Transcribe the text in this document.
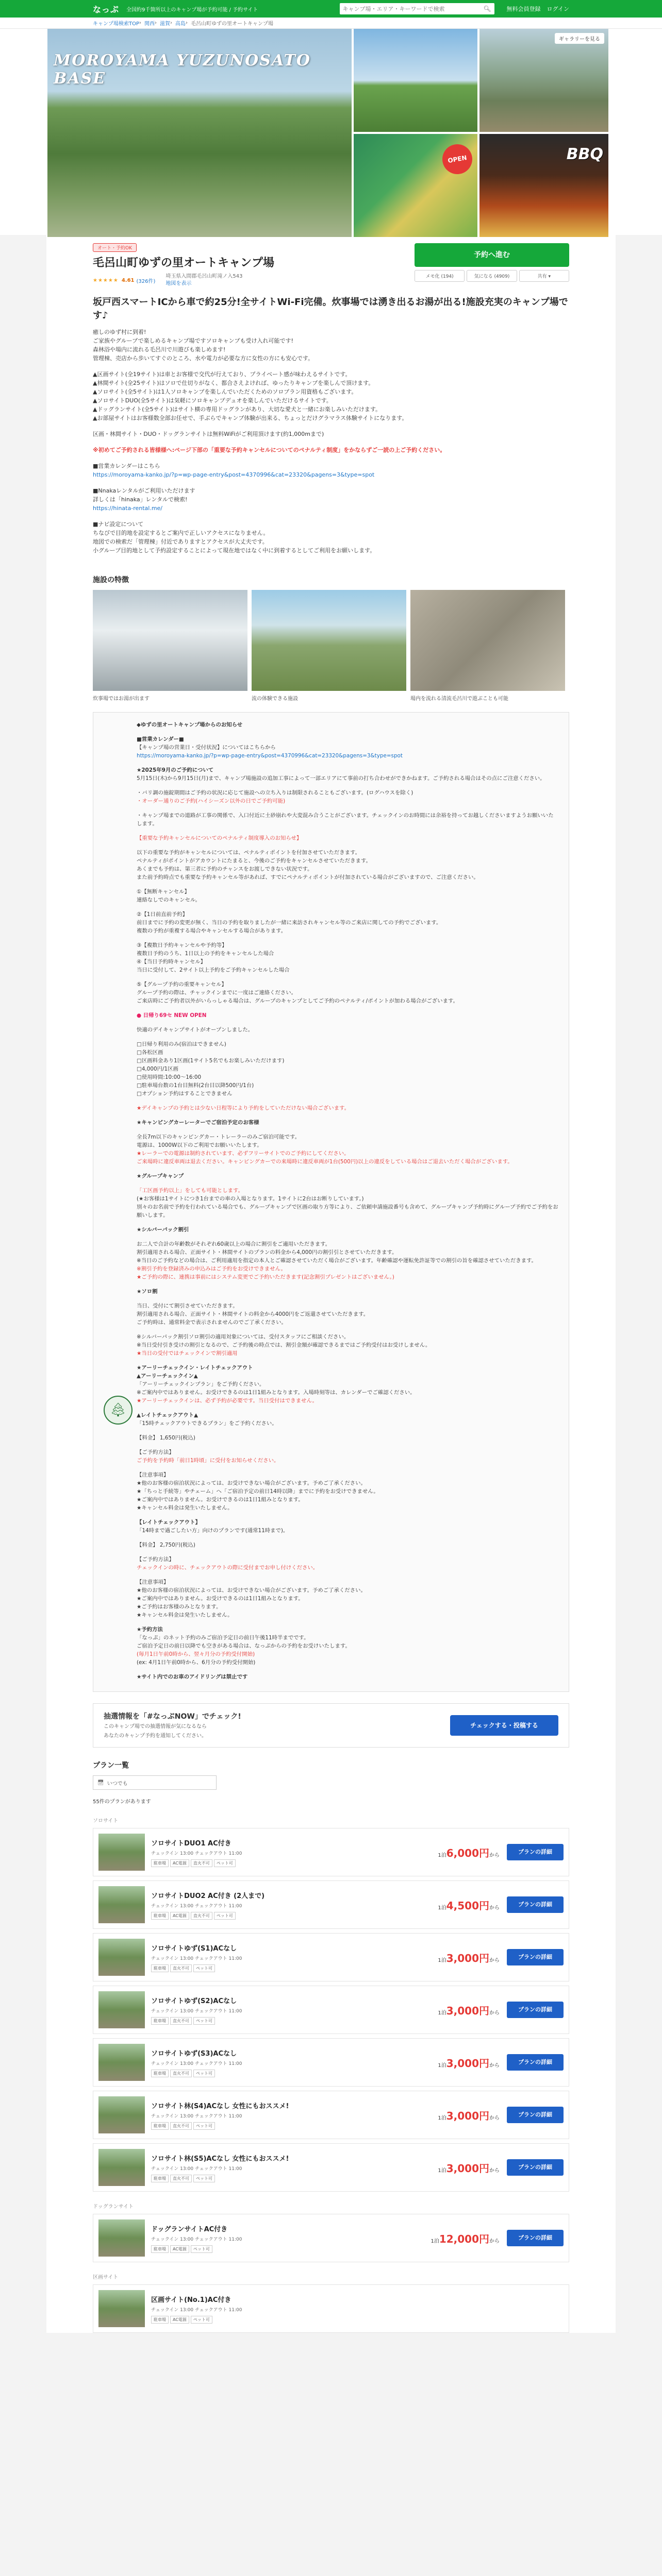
なっぷ 全国約9千箇所以上のキャンプ場が予約可能 / 予約サイト
キャンプ場・エリア・キーワードで検索	🔍︎	無料会員登録 ログイン
キャンプ場検索TOP › 関西 › 滋賀 › 高島 › 毛呂山町ゆずの里オートキャンプ場
MOROYAMA YUZUNOSATO BASE
ギャラリーを見る
OPEN	BBQ
オート・予約OK
毛呂山町ゆずの里オートキャンプ場
★★★★★ 4.61 (326件)
埼玉県入間郡毛呂山町滝ノ入543
地図を表示
予約へ進む
メモ化 (194)	気になる (4909)	共有 ▾
坂戸西スマートICから車で約25分!全サイトWi-Fi完備。炊事場では湧き出るお湯が出る!施設充実のキャンプ場です♪

癒しのゆず村に到着!

ご家族やグループで楽しめるキャンプ場ですソロキャンプも受け入れ可能です!

森林浴や場内に流れる毛呂川で川遊びも楽しめます!

管理棟、売店から歩いてすぐのところ、水や電力が必要な方に女性の方にも安心です。

▲区画サイト(全19サイト)は車とお客様で交代が行えており、プライベート感が味わえるサイトです。

▲林間サイト(全25サイト)はソロで仕切りがなく、都合さえよければ、ゆったりキャンプを楽しんで頂けます。

▲ソロサイト(全5サイト)は1人ソロキャンプを楽しんでいただくためのソロプラン用資格もございます。

▲ソロサイトDUO(全5サイト)は気軽にソロキャンプデュオを楽しんでいただけるサイトです。

▲ドッグランサイト(全5サイト)はサイト横の専用ドッグランがあり、大切な愛犬と一緒にお楽しみいただけます。

▲お部屋サイトはお客様数全部お任せで、手ぶらでキャンプ体験が出来る、ちょっとだけグラマラス体験サイトになります。

区画・林間サイト・DUO・ドッグランサイトは無料WiFiがご利用頂けます(約1,000mまで)

※初めてご予約される皆様様へ:ページ下部の「重要な予約キャンセルについてのペナルティ制度」をかならずご一読の上ご予約ください。

■営業カレンダーはこちら

https://moroyama-kanko.jp/?p=wp-page-entry&post=4370996&cat=23320&pagens=3&type=spot

■Nnakaレンタルがご利用いただけます

詳しくは「hinaka」レンタルで検索!

https://hinata-rental.me/

■ナビ設定について

ちなびで目的地を設定するとご案内で正しいアクセスになりません。

地図での検索だ「管理棟」付近でありますとアクセスが大丈夫です。

小グループ目的地として予約設定することによって現在地ではなく中に到着するとしてご利用をお願いします。

施設の特徴
炊事場ではお湯が出ます	流の体験できる施設	場内を流れる清流毛呂川で遊ぶことも可能
🌲︎

◆ゆずの里オートキャンプ場からのお知らせ

■営業カレンダー■

【キャンプ場の営業日・受付状況】についてはこちらから

https://moroyama-kanko.jp/?p=wp-page-entry&post=4370996&cat=23320&pagens=3&type=spot

★2025年9月のご予約について

5月15日(木)から9月15日(月)まで、キャンプ場施設の追加工事によって一部エリアにて事前の打ち合わせができかねます。ご予約される場合はその点にご注意ください。

・バリ調の施錠期間はご予約の状況に応じて施設への立ち入りは制限されることもございます。(ログハウスを除く)

・オーダー通りのご予約(ハイシーズン以外の日でご予約可能)

・キャンプ場までの道路が工事の関係で、入口付近に土砂崩れや大変混み合うことがございます。チェックインのお時間には余裕を持ってお越しくださいますようお願いいたします。

【重要な予約キャンセルについてのペナルティ制度導入のお知らせ】

以下の重要な予約がキャンセルについては、ペナルティポイントを付加させていただきます。

ペナルティがポイントがアカウントにたまると、今後のご予約をキャンセルさせていただきます。

あくまでも予約は、第三者に予約のチャンスをお渡しできない状況です。

また前予約時点でも重要な予約キャンセル等があれば、すでにペナルティポイントが付加されている場合がございますので、ご注意ください。

①【無断キャンセル】

連絡なしでのキャンセル。

②【1日前直前予約】

前日までに予約の変更が無く、当日の予約を取りましたが一緒に来訪されキャンセル等のご来店に関しての予約でございます。

複数の予約が重複する場合やキャンセルする場合があります。

③【複数日予約キャンセルや予約等】

複数日予約のうち、1日以上の予約をキャンセルした場合

④【当日予約時キャンセル】

当日に受付して、2サイト以上予約をご予約キャンセルした場合

⑤【グループ予約の重要キャンセル】

グループ予約の際は、チャックインまでに一度はご連絡ください。

ご来店時にご予約者以外がいらっしゃる場合は、グループのキャンプとしてご予約のペナルティ/ポイントが加わる場合がございます。

● 日帰り69セ NEW OPEN

快適のデイキャンプサイトがオープンしました。

□日帰り利用のみ(宿泊はできません)

□各松区画

□区画料金あり1区画(1サイト5名でもお楽しみいただけます)

□4,000円/1区画

□使用時間:10:00〜16:00

□駐車場台数の1台目無料(2台目以降500円/1台)

□オプション予約はすることできません

★デイキャンプの予約とは少ない日程等により予約をしていただけない場合ございます。

★キャンピングカーレーターでご宿泊予定のお客様

全長7m以下のキャンピングカー・トレーラーのみご宿泊可能です。

電源は、1000W以下のご利用でお願いいたします。

★レーラーでの電源は制約されています、必ずフリーサイトでのご予約にしてください。

ご来場時に違反車両は退去ください。キャンピングカーでの来場時に違反車両が1台(500円)以上の違反をしている場合はご退去いただく場合がございます。

★グループキャンプ

「工区画予約以上」をしても可能とします。

(★お客様は1サイトにつき1台までの車の入場となります。1サイトに2台はお断りしています。)

別々のお名前で予約を行われている場合でも、グループキャンプで区画の取り方等により、ご依頼申請施設番号も含めて、グループキャンプ予約時にグループ予約でご予約をお願いします。

★シルバーパック割引

お二人で合計の年齢数がそれぞれ60歳以上の場合に割引をご適用いただきます。

割引適用される場合、正面サイト・林間サイトのプランの料金から4,000円の割引引とさせていただきます。

※当日のご予約などの場合は、ご利用適用を指定の本人とご確認させていただく場合がございます。年齢確認や運転免許証等での割引の旨を確認させていただきます。

※割引予約を登録済みの申込みはご予約をお受けできません。

★ご予約の際に、連携は事前にはシステム変更でご予約いただきます(記念割引プレゼントはございません。)

★ソロ割

当日、受付にて割引させていただきます。

割引適用される場合、正面サイト・林間サイトの料金から4000円をご返還させていただきます。

ご予約時は、通常料金で表示されませんのでご了承ください。

※シルバーパック割引ソロ割引の適用対象については、受付スタッフにご相談ください。

※当日受付引き受けの割引となるので、ご予約後の時点では、割引金額が確認できるまではご予約受付はお受けしません。

★当日の受付ではチェックインで割引適用

★アーリーチェックイン・レイトチェックアウト

▲アーリーチェックイン▲

「アーリーチェックインプラン」をご予約ください。

※ご案内中ではありません。お受けできるのは1日1組みとなります。入場時刻等は、カレンダーでご確認ください。

★アーリーチェックインは、必ず予約が必要です。当日受付はできません。

▲レイトチェックアウト▲

「15時チェックアウトできるプラン」をご予約ください。

【料金】 1,650円(税込)

【ご予約方法】

ご予約を予約時「前日1時頃」に受付をお知らせください。

【注意事項】

★他のお客様の宿泊状況によっては、お受けできない場合がございます。予めご了承ください。

★「ちっと手続等」やチェーム」へ「ご宿泊予定の前日14時以降」までに予約をお受けできません。

★ご案内中ではありません。お受けできるのは1日1組みとなります。

★キャンセル料金は発生いたしません。

【レイトチェックアウト】

「14時まで過ごしたい方」向けのプランです(通常11時まで)。

【料金】 2,750円(税込)

【ご予約方法】

チェックインの時に、チェックアウトの際に受付までお申し付けください。

【注意事項】

★他のお客様の宿泊状況によっては、お受けできない場合がございます。予めご了承ください。

★ご案内中ではありません。お受けできるのは1日1組みとなります。

★ご予約はお客様のみとなります。

★キャンセル料金は発生いたしません。

★予約方法

「なっぷ」のネット予約のみご宿泊予定日の前日午後11時半までです。

ご宿泊予定日の前日以降でも空きがある場合は、なっぷからの予約をお受けいたします。

(毎月1日午前0時から、翌々月分の予約受付開始)

(ex: 4月1日午前0時から、6月分の予約受付開始)

★サイト内でのお車のアイドリングは禁止です

抽選情報を「#なっぷNOW」でチェック!
このキャンプ場での抽選情報が気になるなら
あなたのキャンプ予約を通知してください。
チェックする・投稿する
プラン一覧
📅︎ いつでも
55件のプランがあります
ソロサイト
ソロサイトDUO1 AC付き
チェックイン 13:00 チェックアウト 11:00
駐車場	AC電源	直火不可	ペット可
1泊6,000円から	プランの詳細
ソロサイトDUO2 AC付き (2人まで)
チェックイン 13:00 チェックアウト 11:00
駐車場	AC電源	直火不可	ペット可
1泊4,500円から	プランの詳細
ソロサイトゆず(S1)ACなし
チェックイン 13:00 チェックアウト 11:00
駐車場	直火不可	ペット可
1泊3,000円から	プランの詳細
ソロサイトゆず(S2)ACなし
チェックイン 13:00 チェックアウト 11:00
駐車場	直火不可	ペット可
1泊3,000円から	プランの詳細
ソロサイトゆず(S3)ACなし
チェックイン 13:00 チェックアウト 11:00
駐車場	直火不可	ペット可
1泊3,000円から	プランの詳細
ソロサイト林(S4)ACなし 女性にもおススメ!
チェックイン 13:00 チェックアウト 11:00
駐車場	直火不可	ペット可
1泊3,000円から	プランの詳細
ソロサイト林(S5)ACなし 女性にもおススメ!
チェックイン 13:00 チェックアウト 11:00
駐車場	直火不可	ペット可
1泊3,000円から	プランの詳細
ドッグランサイト
ドッグランサイトAC付き
チェックイン 13:00 チェックアウト 11:00
駐車場	AC電源	ペット可
1泊12,000円から	プランの詳細
区画サイト
区画サイト(No.1)AC付き
チェックイン 13:00 チェックアウト 11:00
駐車場	AC電源	ペット可
